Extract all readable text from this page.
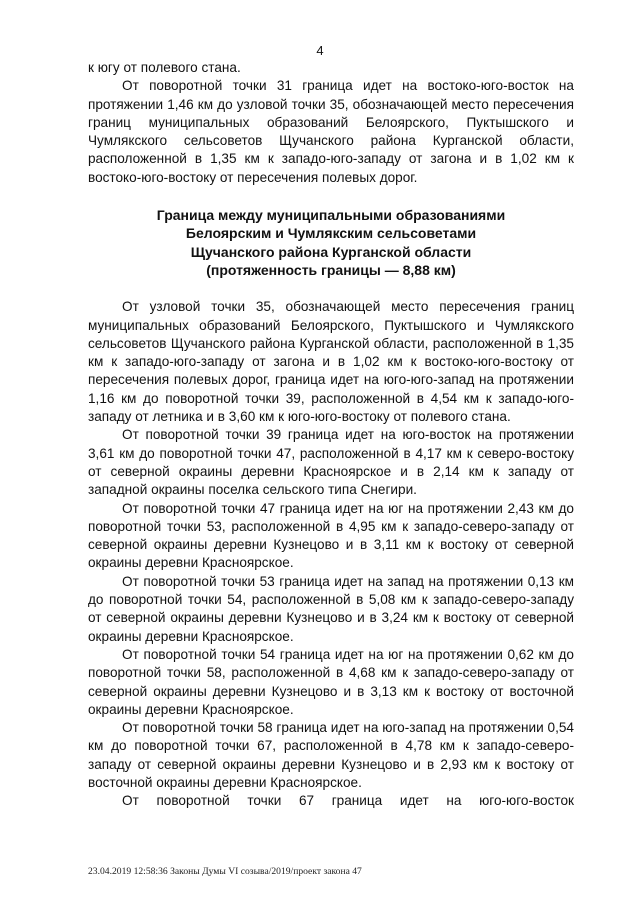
4

к югу от полевого стана.

От поворотной точки 31 граница идет на востоко-юго-восток на протяжении 1,46 км до узловой точки 35, обозначающей место пересечения границ муниципальных образований Белоярского, Пуктышского и Чумлякского сельсоветов Щучанского района Курганской области, расположенной в 1,35 км к западо-юго-западу от загона и в 1,02 км к востоко-юго-востоку от пересечения полевых дорог.

Граница между муниципальными образованиями
Белоярским и Чумлякским сельсоветами
Щучанского района Курганской области
(протяженность границы — 8,88 км)

От узловой точки 35, обозначающей место пересечения границ муниципальных образований Белоярского, Пуктышского и Чумлякского сельсоветов Щучанского района Курганской области, расположенной в 1,35 км к западо-юго-западу от загона и в 1,02 км к востоко-юго-востоку от пересечения полевых дорог, граница идет на юго-юго-запад на протяжении 1,16 км до поворотной точки 39, расположенной в 4,54 км к западо-юго-западу от летника и в 3,60 км к юго-юго-востоку от полевого стана.

От поворотной точки 39 граница идет на юго-восток на протяжении 3,61 км до поворотной точки 47, расположенной в 4,17 км к северо-востоку от северной окраины деревни Красноярское и в 2,14 км к западу от западной окраины поселка сельского типа Снегири.

От поворотной точки 47 граница идет на юг на протяжении 2,43 км до поворотной точки 53, расположенной в 4,95 км к западо-северо-западу от северной окраины деревни Кузнецово и в 3,11 км к востоку от северной окраины деревни Красноярское.

От поворотной точки 53 граница идет на запад на протяжении 0,13 км до поворотной точки 54, расположенной в 5,08 км к западо-северо-западу от северной окраины деревни Кузнецово и в 3,24 км к востоку от северной окраины деревни Красноярское.

От поворотной точки 54 граница идет на юг на протяжении 0,62 км до поворотной точки 58, расположенной в 4,68 км к западо-северо-западу от северной окраины деревни Кузнецово и в 3,13 км к востоку от восточной окраины деревни Красноярское.

От поворотной точки 58 граница идет на юго-запад на протяжении 0,54 км до поворотной точки 67, расположенной в 4,78 км к западо-северо-западу от северной окраины деревни Кузнецово и в 2,93 км к востоку от восточной окраины деревни Красноярское.

От поворотной точки 67 граница идет на юго-юго-восток

23.04.2019 12:58:36 Законы Думы VI созыва/2019/проект закона 47
